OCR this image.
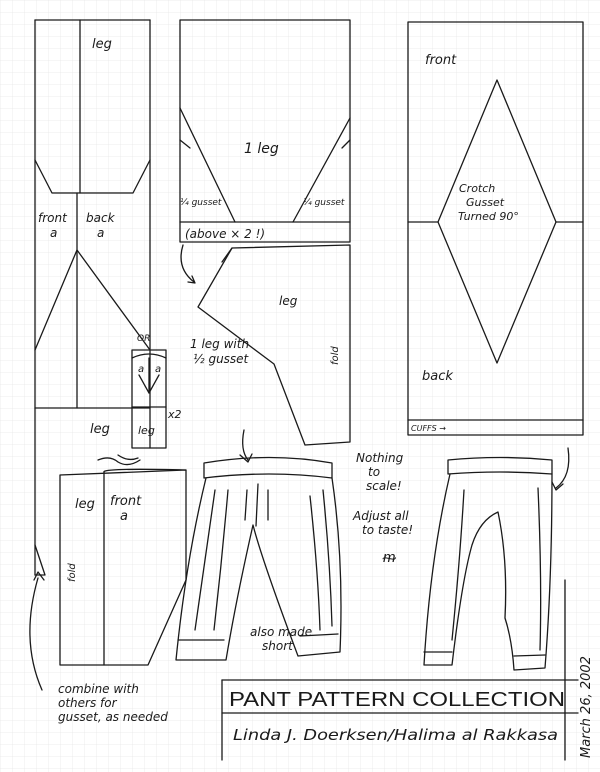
leg
front
a
back
a
OR
a a
leg
x2
leg
1 leg
¼ gusset	¼ gusset
(above × 2 !)
leg
1 leg with
½ gusset	fold
front
Crotch
Gusset
Turned 90°
back
CUFFS →
leg front
a
fold
combine with
others for
gusset, as needed
also made
short
Nothing
to
scale!
Adjust all
to taste!
ᵯ
PANT PATTERN COLLECTION
Linda J. Doerksen/Halima al Rakkasa March 26, 2002
